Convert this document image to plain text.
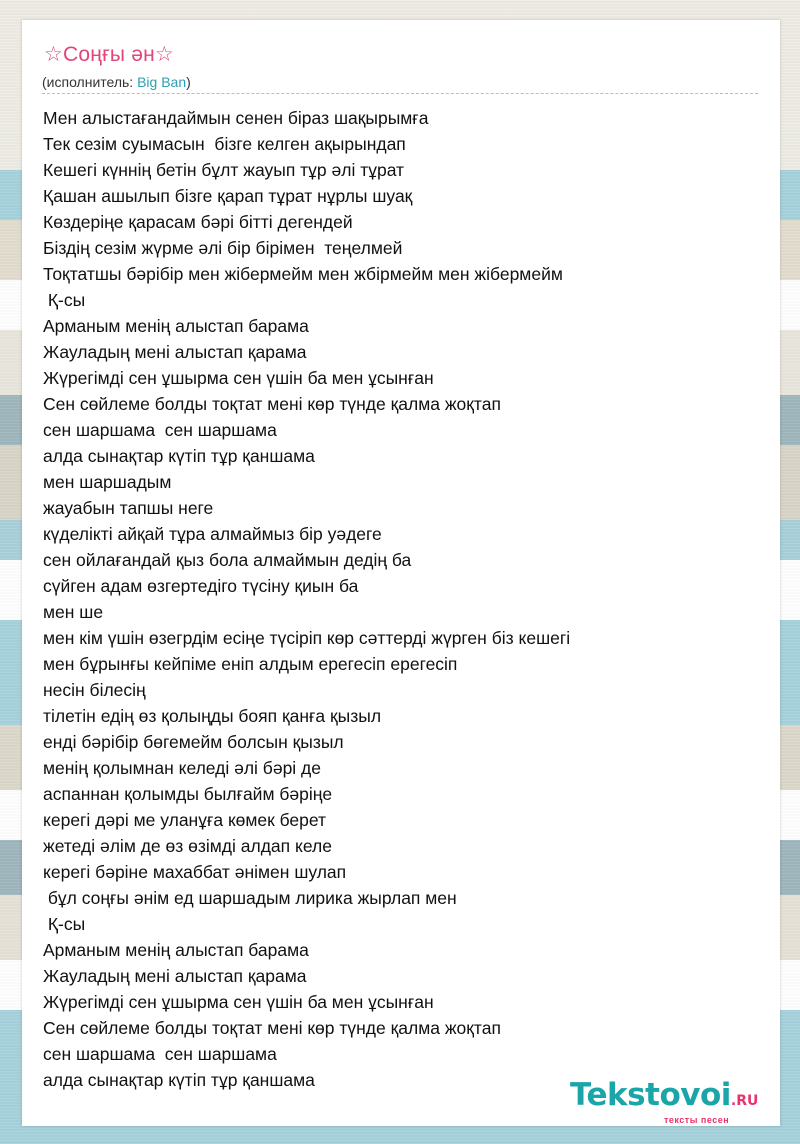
☆Соңғы ән☆
(исполнитель: Big Ban)
Мен алыстағандаймын сенен біраз шақырымға
Тек сезім суымасын  бізге келген ақырындап
Кешегі күннің бетін бұлт жауып тұр әлі тұрат
Қашан ашылып бізге қарап тұрат нұрлы шуақ
Көздеріңе қарасам бәрі бітті дегендей
Біздің сезім жүрме әлі бір бірімен  теңелмей
Тоқтатшы бәрібір мен жібермейм мен жбірмейм мен жібермейм
Қ-сы
Арманым менің алыстап барама
Жауладың мені алыстап қарама
Жүрегімді сен ұшырма сен үшін ба мен ұсынған
Сен сөйлеме болды тоқтат мені көр түнде қалма жоқтап
сен шаршама  сен шаршама
алда сынақтар күтіп тұр қаншама
мен шаршадым
жауабын тапшы неге
күделікті айқай тұра алмаймыз бір уәдеге
сен ойлағандай қыз бола алмаймын дедің ба
сүйген адам өзгертедіго түсіну қиын ба
мен ше
мен кім үшін өзегрдім есіңе түсіріп көр сәттерді жүрген біз кешегі
мен бұрынғы кейпіме еніп алдым ерегесіп ерегесіп
несін білесің
тілетін едің өз қолыңды бояп қанға қызыл
енді бәрібір бөгемейм болсын қызыл
менің қолымнан келеді әлі бәрі де
аспаннан қолымды былғайм бәріңе
керегі дәрі ме уланұға көмек берет
жетеді әлім де өз өзімді алдап келе
керегі бәріне махаббат әнімен шулап
бұл соңғы әнім ед шаршадым лирика жырлап мен
Қ-сы
Арманым менің алыстап барама
Жауладың мені алыстап қарама
Жүрегімді сен ұшырма сен үшін ба мен ұсынған
Сен сөйлеме болды тоқтат мені көр түнде қалма жоқтап
сен шаршама  сен шаршама
алда сынақтар күтіп тұр қаншама	Tekstovoi.RU
тексты песен
